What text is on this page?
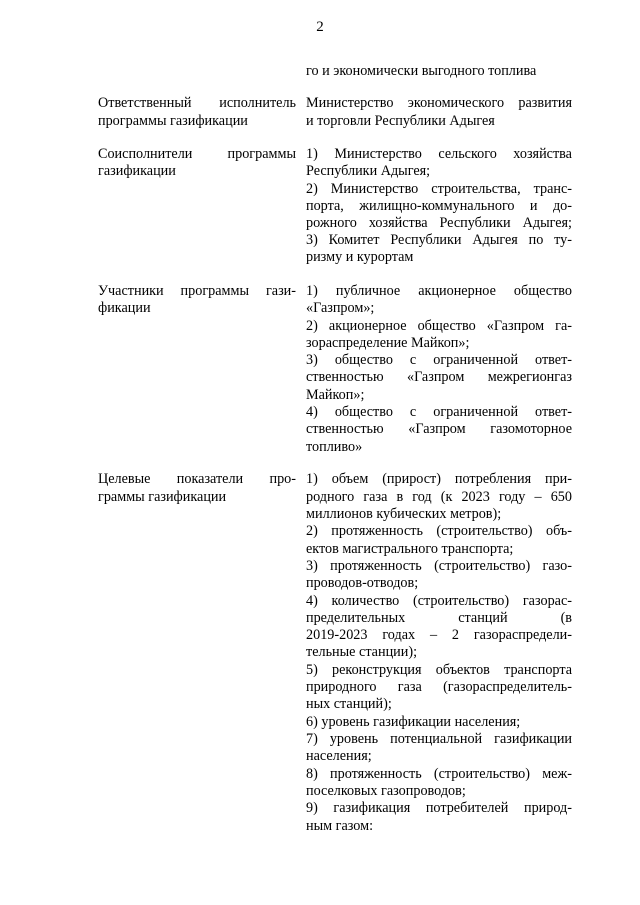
2
го и экономически выгодного топлива
Ответственный исполнитель
программы газификации
Министерство экономического развития
и торговли Республики Адыгея
Соисполнители программы
газификации
1) Министерство сельского хозяйства
Республики Адыгея;
2) Министерство строительства, транс-
порта, жилищно-коммунального и до-
рожного хозяйства Республики Адыгея;
3) Комитет Республики Адыгея по ту-
ризму и курортам
Участники программы гази-
фикации
1) публичное акционерное общество
«Газпром»;
2) акционерное общество «Газпром га-
зораспределение Майкоп»;
3) общество с ограниченной ответ-
ственностью «Газпром межрегионгаз
Майкоп»;
4) общество с ограниченной ответ-
ственностью «Газпром газомоторное
топливо»
Целевые показатели про-
граммы газификации
1) объем (прирост) потребления при-
родного газа в год (к 2023 году – 650
миллионов кубических метров);
2) протяженность (строительство) объ-
ектов магистрального транспорта;
3) протяженность (строительство) газо-
проводов-отводов;
4) количество (строительство) газорас-
пределительных станций (в
2019-2023 годах – 2 газораспредели-
тельные станции);
5) реконструкция объектов транспорта
природного газа (газораспределитель-
ных станций);
6) уровень газификации населения;
7) уровень потенциальной газификации
населения;
8) протяженность (строительство) меж-
поселковых газопроводов;
9) газификация потребителей природ-
ным газом:
